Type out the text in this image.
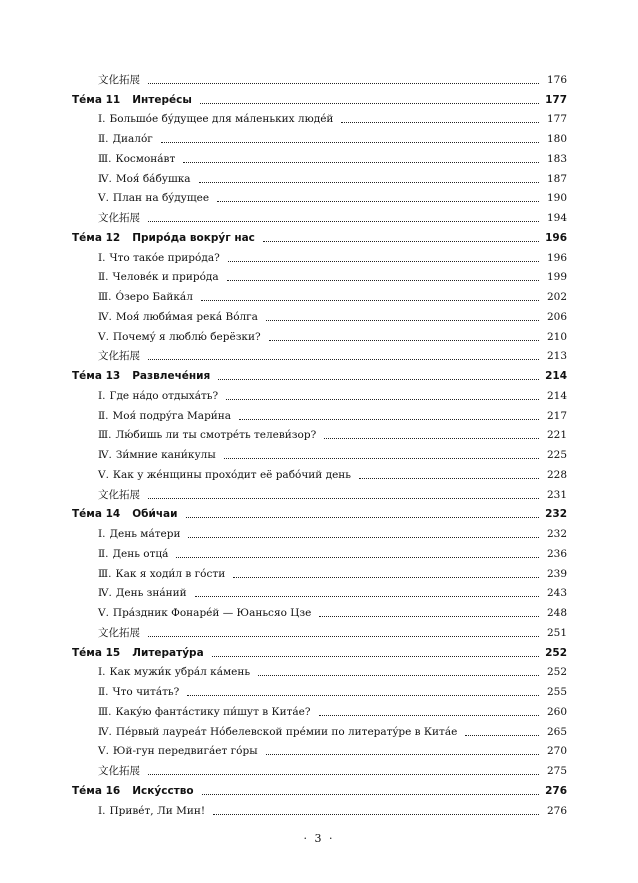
文化拓展	176
Тéма 11 Интерéсы	177
Ⅰ. Большóе бýдущее для мáленьких людéй	177
Ⅱ. Диалóг	180
Ⅲ. Космонáвт	183
Ⅳ. Моя́ бáбушка	187
Ⅴ. План на бýдущее	190
文化拓展	194
Тéма 12 Прирóда вокрýг нас	196
Ⅰ. Что такóе прирóда?	196
Ⅱ. Человéк и прирóда	199
Ⅲ. Óзеро Байкáл	202
Ⅳ. Моя́ люби́мая рекá Вóлга	206
Ⅴ. Почемý я люблю́ берёзки?	210
文化拓展	213
Тéма 13 Развлечéния	214
Ⅰ. Где нáдо отдыхáть?	214
Ⅱ. Моя́ подрýга Мари́на	217
Ⅲ. Лю́бишь ли ты смотрéть телеви́зор?	221
Ⅳ. Зи́мние кани́кулы	225
Ⅴ. Как у жéнщины прохóдит её рабóчий день	228
文化拓展	231
Тéма 14 Оби́чаи	232
Ⅰ. День мáтери	232
Ⅱ. День отцá	236
Ⅲ. Как я ходи́л в гóсти	239
Ⅳ. День знáний	243
Ⅴ. Прáздник Фонарéй — Юаньсяо Цзе	248
文化拓展	251
Тéма 15 Литератýра	252
Ⅰ. Как мужи́к убрáл кáмень	252
Ⅱ. Что читáть?	255
Ⅲ. Какýю фантáстику пи́шут в Китáе?	260
Ⅳ. Пéрвый лауреáт Нóбелевской прéмии по литератýре в Китáе	265
Ⅴ. Юй-гун передвигáет гóры	270
文化拓展	275
Тéма 16 Искýсство	276
Ⅰ. Привéт, Ли Мин!	276
· 3 ·
